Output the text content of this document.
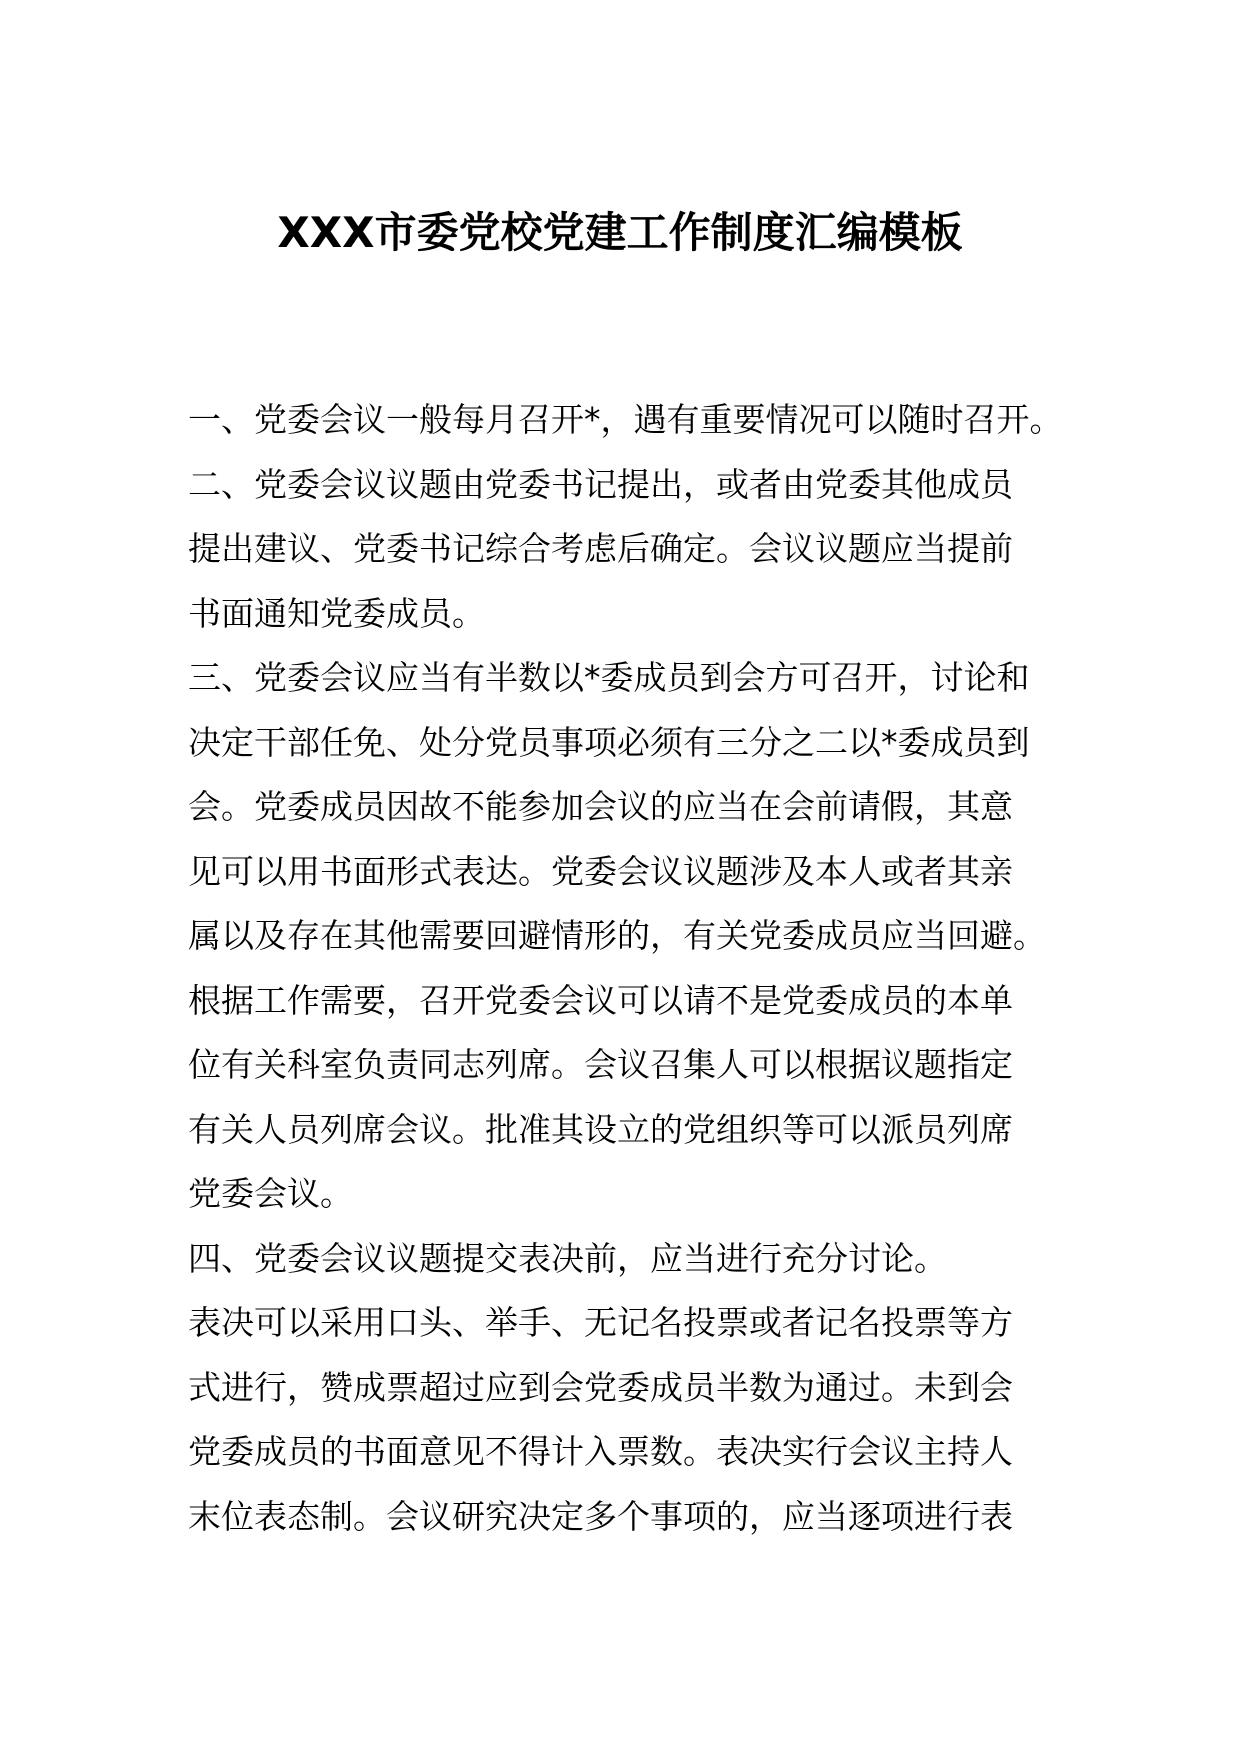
XXX市委党校党建工作制度汇编模板
一、党委会议一般每月召开*，遇有重要情况可以随时召开。
二、党委会议议题由党委书记提出，或者由党委其他成员
提出建议、党委书记综合考虑后确定。会议议题应当提前
书面通知党委成员。
三、党委会议应当有半数以*委成员到会方可召开，讨论和
决定干部任免、处分党员事项必须有三分之二以*委成员到
会。党委成员因故不能参加会议的应当在会前请假，其意
见可以用书面形式表达。党委会议议题涉及本人或者其亲
属以及存在其他需要回避情形的，有关党委成员应当回避。
根据工作需要，召开党委会议可以请不是党委成员的本单
位有关科室负责同志列席。会议召集人可以根据议题指定
有关人员列席会议。批准其设立的党组织等可以派员列席
党委会议。
四、党委会议议题提交表决前，应当进行充分讨论。
表决可以采用口头、举手、无记名投票或者记名投票等方
式进行，赞成票超过应到会党委成员半数为通过。未到会
党委成员的书面意见不得计入票数。表决实行会议主持人
末位表态制。会议研究决定多个事项的，应当逐项进行表
